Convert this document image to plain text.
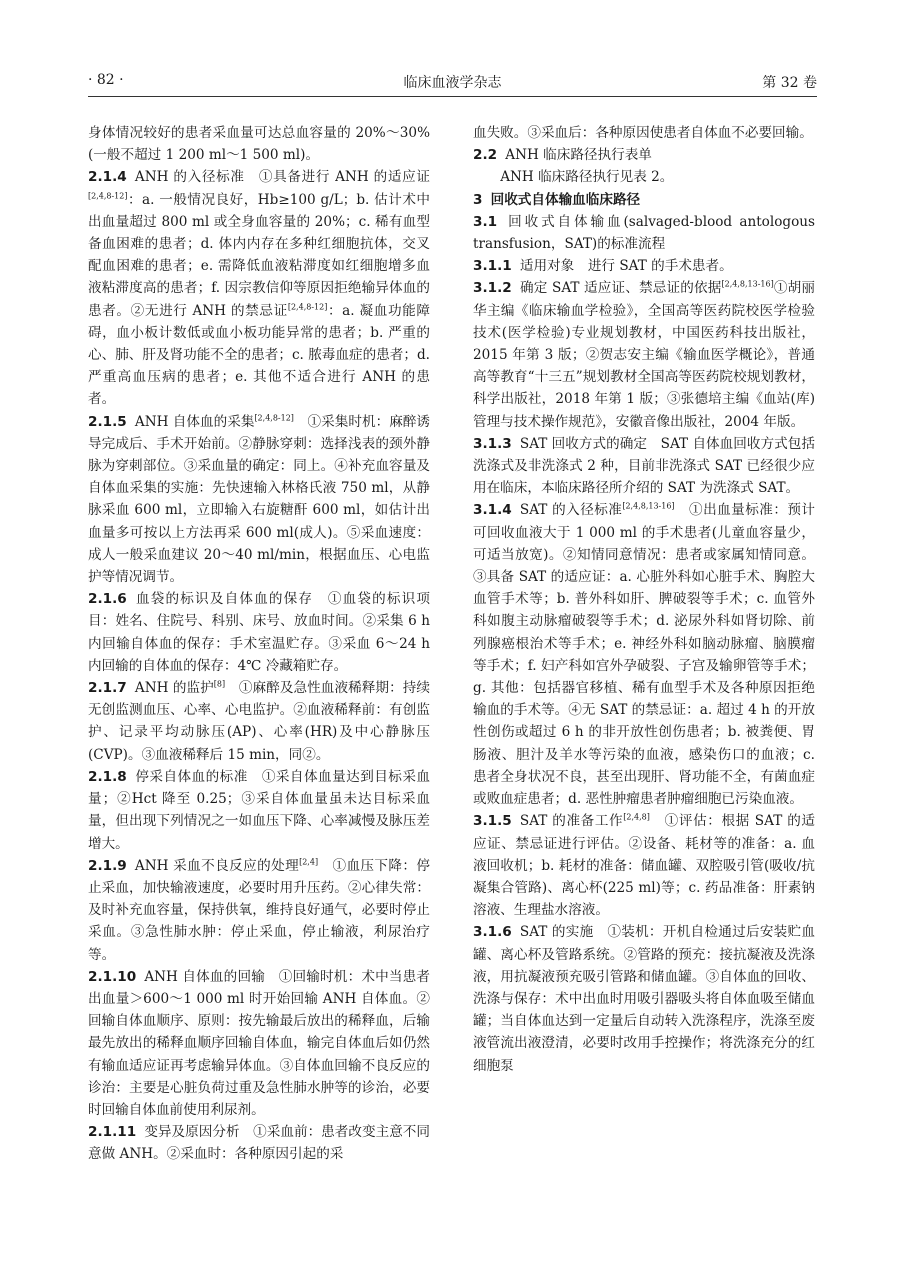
· 82 ·	临床血液学杂志	第 32 卷

身体情况较好的患者采血量可达总血容量的 20%～30%(一般不超过 1 200 ml～1 500 ml)。

2.1.4 ANH 的入径标准　①具备进行 ANH 的适应证[2,4,8-12]：a. 一般情况良好，Hb≥100 g/L；b. 估计术中出血量超过 800 ml 或全身血容量的 20%；c. 稀有血型备血困难的患者；d. 体内内存在多种红细胞抗体，交叉配血困难的患者；e. 需降低血液粘滞度如红细胞增多血液粘滞度高的患者；f. 因宗教信仰等原因拒绝输异体血的患者。②无进行 ANH 的禁忌证[2,4,8-12]：a. 凝血功能障碍，血小板计数低或血小板功能异常的患者；b. 严重的心、肺、肝及肾功能不全的患者；c. 脓毒血症的患者；d. 严重高血压病的患者；e. 其他不适合进行 ANH 的患者。

2.1.5 ANH 自体血的采集[2,4,8-12]　①采集时机：麻醉诱导完成后、手术开始前。②静脉穿刺：选择浅表的颈外静脉为穿刺部位。③采血量的确定：同上。④补充血容量及自体血采集的实施：先快速输入林格氏液 750 ml，从静脉采血 600 ml，立即输入右旋糖酐 600 ml，如估计出血量多可按以上方法再采 600 ml(成人)。⑤采血速度：成人一般采血建议 20～40 ml/min，根据血压、心电监护等情况调节。

2.1.6 血袋的标识及自体血的保存　①血袋的标识项目：姓名、住院号、科别、床号、放血时间。②采集 6 h 内回输自体血的保存：手术室温贮存。③采血 6～24 h 内回输的自体血的保存：4℃ 冷藏箱贮存。

2.1.7 ANH 的监护[8]　①麻醉及急性血液稀释期：持续无创监测血压、心率、心电监护。②血液稀释前：有创监护、记录平均动脉压(AP)、心率(HR)及中心静脉压(CVP)。③血液稀释后 15 min，同②。

2.1.8 停采自体血的标准　①采自体血量达到目标采血量；②Hct 降至 0.25；③采自体血量虽未达目标采血量，但出现下列情况之一如血压下降、心率减慢及脉压差增大。

2.1.9 ANH 采血不良反应的处理[2,4]　①血压下降：停止采血，加快输液速度，必要时用升压药。②心律失常：及时补充血容量，保持供氧，维持良好通气，必要时停止采血。③急性肺水肿：停止采血，停止输液，利尿治疗等。

2.1.10 ANH 自体血的回输　①回输时机：术中当患者出血量＞600～1 000 ml 时开始回输 ANH 自体血。②回输自体血顺序、原则：按先输最后放出的稀释血，后输最先放出的稀释血顺序回输自体血，输完自体血后如仍然有输血适应证再考虑输异体血。③自体血回输不良反应的诊治：主要是心脏负荷过重及急性肺水肿等的诊治，必要时回输自体血前使用利尿剂。

2.1.11 变异及原因分析　①采血前：患者改变主意不同意做 ANH。②采血时：各种原因引起的采

血失败。③采血后：各种原因使患者自体血不必要回输。

2.2 ANH 临床路径执行表单

ANH 临床路径执行见表 2。

3 回收式自体输血临床路径

3.1 回收式自体输血(salvaged-blood antologous transfusion，SAT)的标准流程

3.1.1 适用对象　进行 SAT 的手术患者。

3.1.2 确定 SAT 适应证、禁忌证的依据[2,4,8,13-16]①胡丽华主编《临床输血学检验》，全国高等医药院校医学检验技术(医学检验)专业规划教材，中国医药科技出版社，2015 年第 3 版；②贺志安主编《输血医学概论》，普通高等教育“十三五”规划教材全国高等医药院校规划教材，科学出版社，2018 年第 1 版；③张德培主编《血站(库)管理与技术操作规范》，安徽音像出版社，2004 年版。

3.1.3 SAT 回收方式的确定　SAT 自体血回收方式包括洗涤式及非洗涤式 2 种，目前非洗涤式 SAT 已经很少应用在临床，本临床路径所介绍的 SAT 为洗涤式 SAT。

3.1.4 SAT 的入径标准[2,4,8,13-16]　①出血量标准：预计可回收血液大于 1 000 ml 的手术患者(儿童血容量少，可适当放宽)。②知情同意情况：患者或家属知情同意。③具备 SAT 的适应证：a. 心脏外科如心脏手术、胸腔大血管手术等；b. 普外科如肝、脾破裂等手术；c. 血管外科如腹主动脉瘤破裂等手术；d. 泌尿外科如肾切除、前列腺癌根治术等手术；e. 神经外科如脑动脉瘤、脑膜瘤等手术；f. 妇产科如宫外孕破裂、子宫及输卵管等手术；g. 其他：包括器官移植、稀有血型手术及各种原因拒绝输血的手术等。④无 SAT 的禁忌证：a. 超过 4 h 的开放性创伤或超过 6 h 的非开放性创伤患者；b. 被粪便、胃肠液、胆汁及羊水等污染的血液，感染伤口的血液；c. 患者全身状况不良，甚至出现肝、肾功能不全，有菌血症或败血症患者；d. 恶性肿瘤患者肿瘤细胞已污染血液。

3.1.5 SAT 的准备工作[2,4,8]　①评估：根据 SAT 的适应证、禁忌证进行评估。②设备、耗材等的准备：a. 血液回收机；b. 耗材的准备：储血罐、双腔吸引管(吸收/抗凝集合管路)、离心杯(225 ml)等；c. 药品准备：肝素钠溶液、生理盐水溶液。

3.1.6 SAT 的实施　①装机：开机自检通过后安装贮血罐、离心杯及管路系统。②管路的预充：接抗凝液及洗涤液，用抗凝液预充吸引管路和储血罐。③自体血的回收、洗涤与保存：术中出血时用吸引器吸头将自体血吸至储血罐；当自体血达到一定量后自动转入洗涤程序，洗涤至废液管流出液澄清，必要时改用手控操作；将洗涤充分的红细胞泵
